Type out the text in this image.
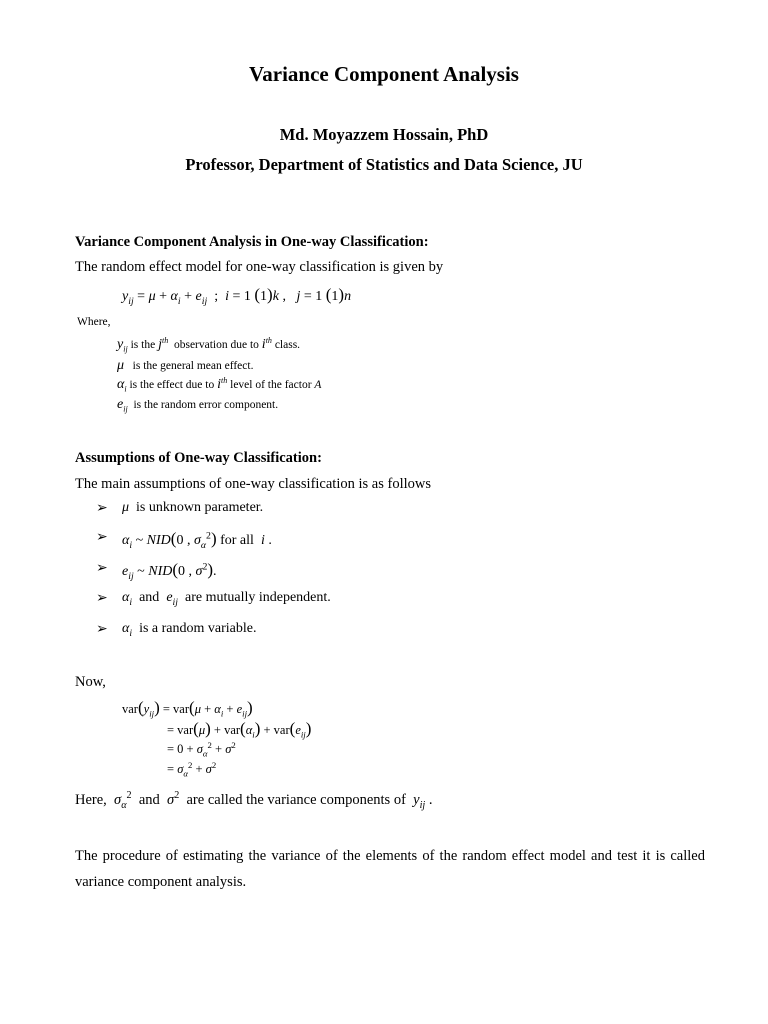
Variance Component Analysis
Md. Moyazzem Hossain, PhD
Professor, Department of Statistics and Data Science, JU
Variance Component Analysis in One-way Classification:
The random effect model for one-way classification is given by
$y_{ij} = \mu + \alpha_i + e_{ij}$  ;  i = 1 (1)k ,   j = 1 (1)n
Where,
$y_{ij}$ is the $j^{th}$ observation due to $i^{th}$ class.
μ is the general mean effect.
$\alpha_i$ is the effect due to $i^{th}$ level of the factor A
$e_{ij}$ is the random error component.
Assumptions of One-way Classification:
The main assumptions of one-way classification is as follows
➢ μ is unknown parameter.
➢ $\alpha_i$ ~ NID(0 , $\sigma_\alpha^2$) for all i .
➢ $e_{ij}$ ~ NID(0 , $\sigma^2$).
➢ $\alpha_i$ and $e_{ij}$ are mutually independent.
➢ $\alpha_i$ is a random variable.
Now,
$var(y_{ij}) = var(\mu + \alpha_i + e_{ij})$
= $var(\mu) + var(\alpha_i) + var(e_{ij})$
= $0 + \sigma_\alpha^2 + \sigma^2$
= $\sigma_\alpha^2 + \sigma^2$
Here, $\sigma_\alpha^2$ and $\sigma^2$ are called the variance components of $y_{ij}$ .
The procedure of estimating the variance of the elements of the random effect model and test it is called variance component analysis.
